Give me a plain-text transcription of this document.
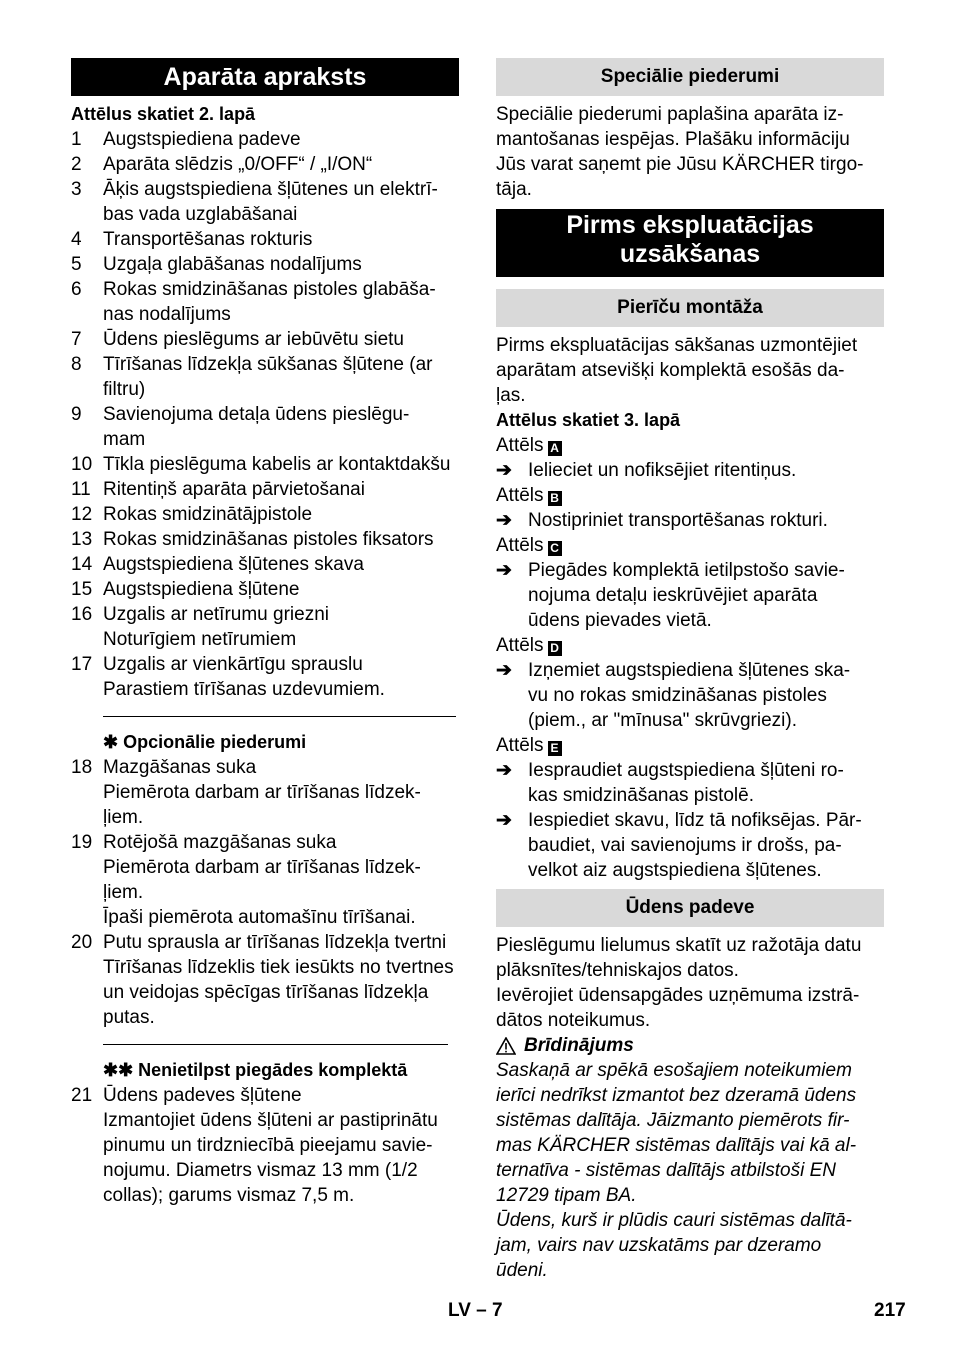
Aparāta apraksts
Attēlus skatiet 2. lapā
1	Augstspiediena padeve
2	Aparāta slēdzis „0/OFF“ / „I/ON“
3	Āķis augstspiediena šļūtenes un elektrī-
bas vada uzglabāšanai
4	Transportēšanas rokturis
5	Uzgaļa glabāšanas nodalījums
6	Rokas smidzināšanas pistoles glabāša-
nas nodalījums
7	Ūdens pieslēgums ar iebūvētu sietu
8	Tīrīšanas līdzekļa sūkšanas šļūtene (ar
filtru)
9	Savienojuma detaļa ūdens pieslēgu-
mam
10 Tīkla pieslēguma kabelis ar kontaktdakšu
11 Ritentiņš aparāta pārvietošanai
12 Rokas smidzinātājpistole
13 Rokas smidzināšanas pistoles fiksators
14 Augstspiediena šļūtenes skava
15 Augstspiediena šļūtene
16 Uzgalis ar netīrumu griezni
Noturīgiem netīrumiem
17 Uzgalis ar vienkārtīgu sprauslu
Parastiem tīrīšanas uzdevumiem.
✱ Opcionālie piederumi
18 Mazgāšanas suka
Piemērota darbam ar tīrīšanas līdzek-
ļiem.
19 Rotējošā mazgāšanas suka
Piemērota darbam ar tīrīšanas līdzek-
ļiem.
Īpaši piemērota automašīnu tīrīšanai.
20 Putu sprausla ar tīrīšanas līdzekļa tvertni
Tīrīšanas līdzeklis tiek iesūkts no tvertnes
un veidojas spēcīgas tīrīšanas līdzekļa
putas.
✱✱ Nenietilpst piegādes komplektā
21 Ūdens padeves šļūtene
Izmantojiet ūdens šļūteni ar pastiprinātu
pinumu un tirdzniecībā pieejamu savie-
nojumu. Diametrs vismaz 13 mm (1/2
collas); garums vismaz 7,5 m.
Speciālie piederumi
Speciālie piederumi paplašina aparāta iz-
mantošanas iespējas. Plašāku informāciju
Jūs varat saņemt pie Jūsu KÄRCHER tirgo-
tāja.
Pirms ekspluatācijas
uzsākšanas
Pierīču montāža
Pirms ekspluatācijas sākšanas uzmontējiet
aparātam atsevišķi komplektā esošās da-
ļas.
Attēlus skatiet 3. lapā
Attēls A
➔ Ielieciet un nofiksējiet ritentiņus.
Attēls B
➔ Nostipriniet transportēšanas rokturi.
Attēls C
➔ Piegādes komplektā ietilpstošo savie-
nojuma detaļu ieskrūvējiet aparāta
ūdens pievades vietā.
Attēls D
➔ Izņemiet augstspiediena šļūtenes ska-
vu no rokas smidzināšanas pistoles
(piem., ar "mīnusa" skrūvgriezi).
Attēls E
➔ Iespraudiet augstspiediena šļūteni ro-
kas smidzināšanas pistolē.
➔ Iespiediet skavu, līdz tā nofiksējas. Pār-
baudiet, vai savienojums ir drošs, pa-
velkot aiz augstspiediena šļūtenes.
Ūdens padeve
Pieslēgumu lielumus skatīt uz ražotāja datu
plāksnītes/tehniskajos datos.
Ievērojiet ūdensapgādes uzņēmuma izstrā-
dātos noteikumus.
Brīdinājums
Saskaņā ar spēkā esošajiem noteikumiem
ierīci nedrīkst izmantot bez dzeramā ūdens
sistēmas dalītāja. Jāizmanto piemērots fir-
mas KÄRCHER sistēmas dalītājs vai kā al-
ternatīva - sistēmas dalītājs atbilstoši EN
12729 tipam BA.
Ūdens, kurš ir plūdis cauri sistēmas dalītā-
jam, vairs nav uzskatāms par dzeramo
ūdeni.
LV – 7	217
